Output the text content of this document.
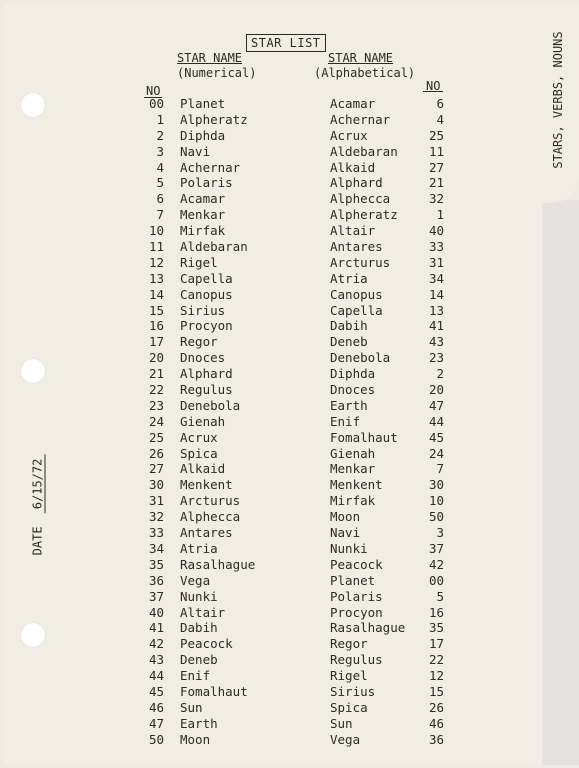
STAR LIST
STAR NAME
(Numerical)
STAR NAME
(Alphabetical)
NO	NO	STARS, VERBS, NOUNS
DATE 6/15/72
00 Planet	Acamar	6
1 Alpheratz	Achernar	4
2 Diphda	Acrux	25
3 Navi	Aldebaran	11
4 Achernar	Alkaid	27
5 Polaris	Alphard	21
6 Acamar	Alphecca	32
7 Menkar	Alpheratz	1
10 Mirfak	Altair	40
11 Aldebaran	Antares	33
12 Rigel	Arcturus	31
13 Capella	Atria	34
14 Canopus	Canopus	14
15 Sirius	Capella	13
16 Procyon	Dabih	41
17 Regor	Deneb	43
20 Dnoces	Denebola	23
21 Alphard	Diphda	2
22 Regulus	Dnoces	20
23 Denebola	Earth	47
24 Gienah	Enif	44
25 Acrux	Fomalhaut	45
26 Spica	Gienah	24
27 Alkaid	Menkar	7
30 Menkent	Menkent	30
31 Arcturus	Mirfak	10
32 Alphecca	Moon	50
33 Antares	Navi	3
34 Atria	Nunki	37
35 Rasalhague	Peacock	42
36 Vega	Planet	00
37 Nunki	Polaris	5
40 Altair	Procyon	16
41 Dabih	Rasalhague	35
42 Peacock	Regor	17
43 Deneb	Regulus	22
44 Enif	Rigel	12
45 Fomalhaut	Sirius	15
46 Sun	Spica	26
47 Earth	Sun	46
50 Moon	Vega	36
